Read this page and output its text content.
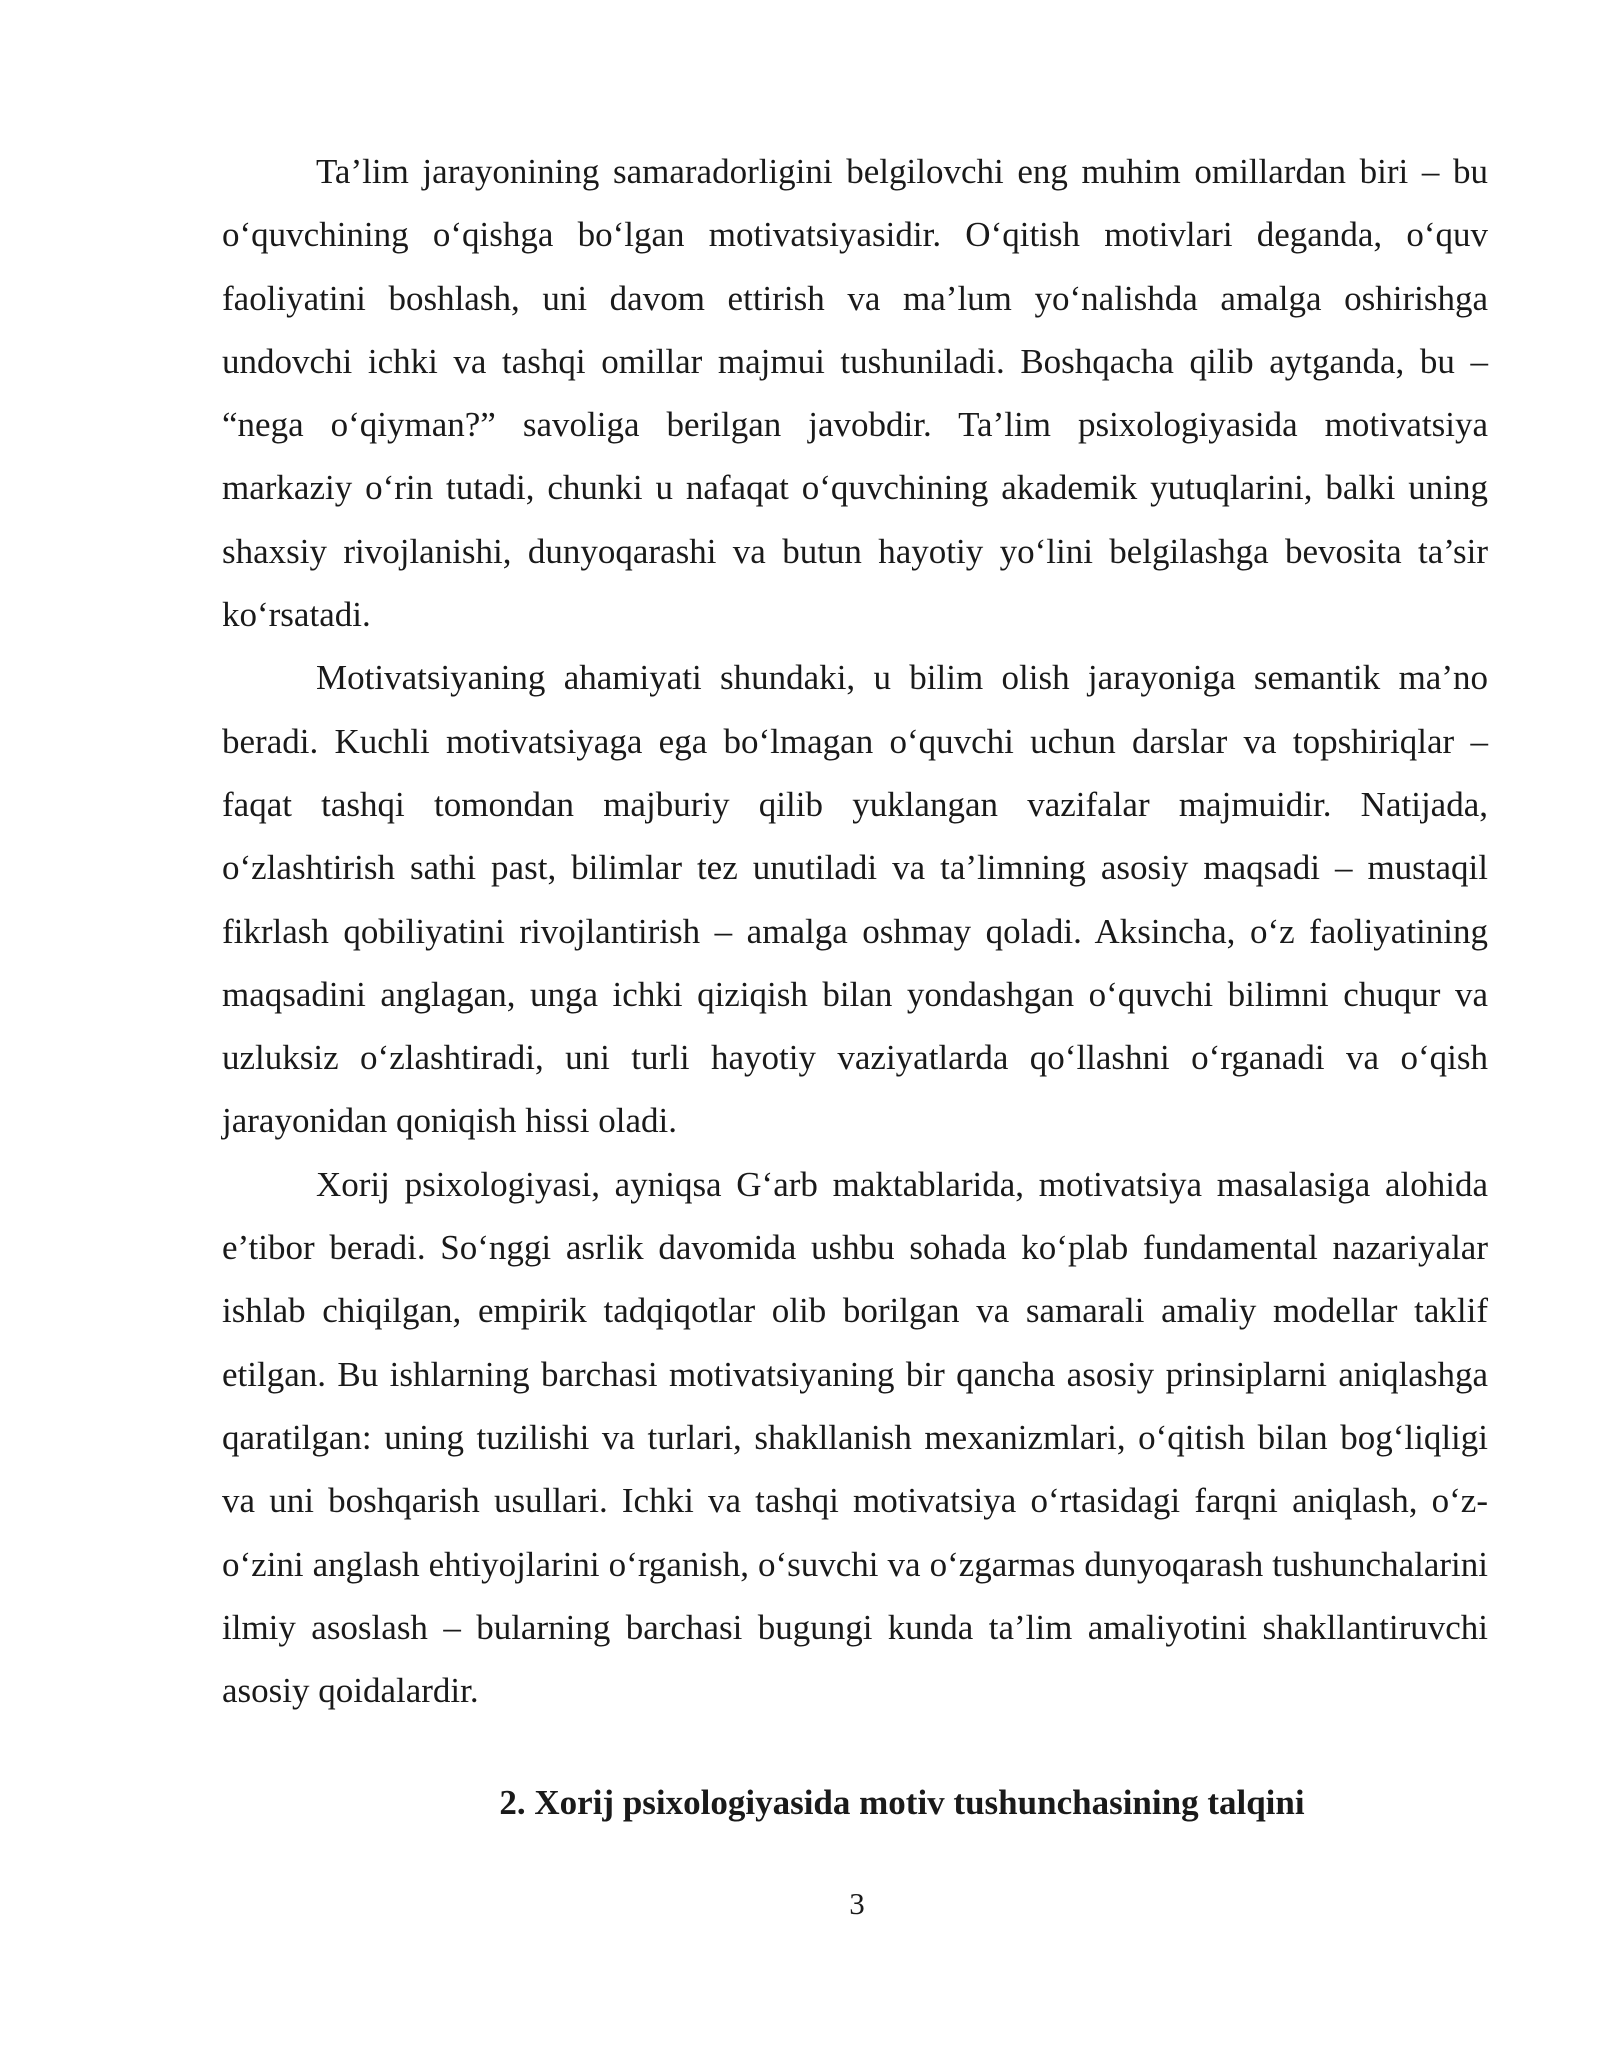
Ta’lim jarayonining samaradorligini belgilovchi eng muhim omillardan biri – bu o‘quvchining o‘qishga bo‘lgan motivatsiyasidir. O‘qitish motivlari deganda, o‘quv faoliyatini boshlash, uni davom ettirish va ma’lum yo‘nalishda amalga oshirishga undovchi ichki va tashqi omillar majmui tushuniladi. Boshqacha qilib aytganda, bu – “nega o‘qiyman?” savoliga berilgan javobdir. Ta’lim psixologiyasida motivatsiya markaziy o‘rin tutadi, chunki u nafaqat o‘quvchining akademik yutuqlarini, balki uning shaxsiy rivojlanishi, dunyoqarashi va butun hayotiy yo‘lini belgilashga bevosita ta’sir ko‘rsatadi.

Motivatsiyaning ahamiyati shundaki, u bilim olish jarayoniga semantik ma’no beradi. Kuchli motivatsiyaga ega bo‘lmagan o‘quvchi uchun darslar va topshiriqlar – faqat tashqi tomondan majburiy qilib yuklangan vazifalar majmuidir. Natijada, o‘zlashtirish sathi past, bilimlar tez unutiladi va ta’limning asosiy maqsadi – mustaqil fikrlash qobiliyatini rivojlantirish – amalga oshmay qoladi. Aksincha, o‘z faoliyatining maqsadini anglagan, unga ichki qiziqish bilan yondashgan o‘quvchi bilimni chuqur va uzluksiz o‘zlashtiradi, uni turli hayotiy vaziyatlarda qo‘llashni o‘rganadi va o‘qish jarayonidan qoniqish hissi oladi.

Xorij psixologiyasi, ayniqsa G‘arb maktablarida, motivatsiya masalasiga alohida e’tibor beradi. So‘nggi asrlik davomida ushbu sohada ko‘plab fundamental nazariyalar ishlab chiqilgan, empirik tadqiqotlar olib borilgan va samarali amaliy modellar taklif etilgan. Bu ishlarning barchasi motivatsiyaning bir qancha asosiy prinsiplarni aniqlashga qaratilgan: uning tuzilishi va turlari, shakllanish mexanizmlari, o‘qitish bilan bog‘liqligi va uni boshqarish usullari. Ichki va tashqi motivatsiya o‘rtasidagi farqni aniqlash, o‘z-o‘zini anglash ehtiyojlarini o‘rganish, o‘suvchi va o‘zgarmas dunyoqarash tushunchalarini ilmiy asoslash – bularning barchasi bugungi kunda ta’lim amaliyotini shakllantiruvchi asosiy qoidalardir.

2. Xorij psixologiyasida motiv tushunchasining talqini

3
